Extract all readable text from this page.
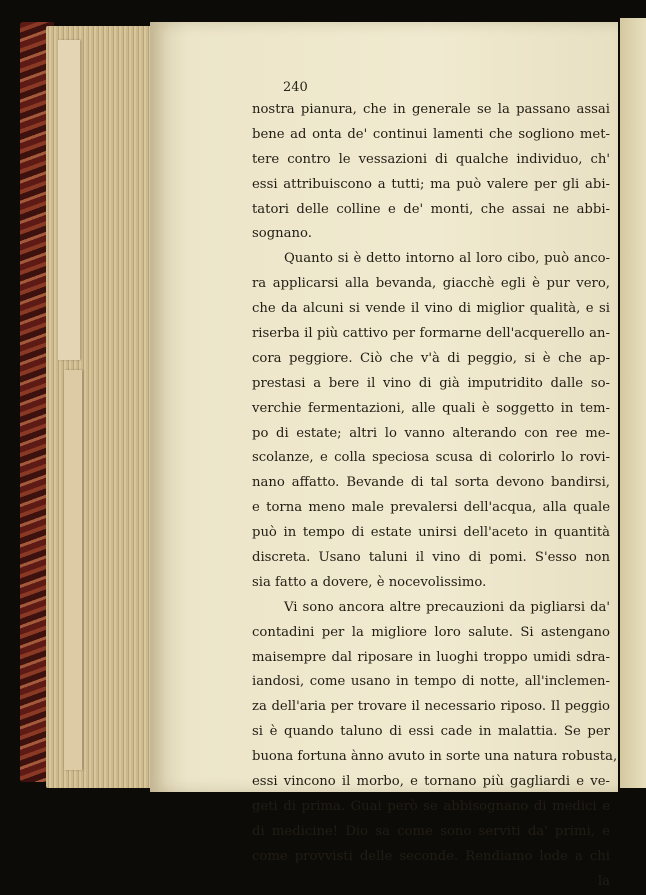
240
nostra pianura, che in generale se la passano assai
bene ad onta de' continui lamenti che sogliono met-
tere contro le vessazioni di qualche individuo, ch'
essi attribuiscono a tutti; ma può valere per gli abi-
tatori delle colline e de' monti, che assai ne abbi-
sognano.
Quanto si è detto intorno al loro cibo, può anco-
ra applicarsi alla bevanda, giacchè egli è pur vero,
che da alcuni si vende il vino di miglior qualità, e si
riserba il più cattivo per formarne dell'acquerello an-
cora peggiore. Ciò che v'à di peggio, si è che ap-
prestasi a bere il vino di già imputridito dalle so-
verchie fermentazioni, alle quali è soggetto in tem-
po di estate; altri lo vanno alterando con ree me-
scolanze, e colla speciosa scusa di colorirlo lo rovi-
nano affatto. Bevande di tal sorta devono bandirsi,
e torna meno male prevalersi dell'acqua, alla quale
può in tempo di estate unirsi dell'aceto in quantità
discreta. Usano taluni il vino di pomi. S'esso non
sia fatto a dovere, è nocevolissimo.
Vi sono ancora altre precauzioni da pigliarsi da'
contadini per la migliore loro salute. Si astengano
maisempre dal riposare in luoghi troppo umidi sdra-
iandosi, come usano in tempo di notte, all'inclemen-
za dell'aria per trovare il necessario riposo. Il peggio
si è quando taluno di essi cade in malattia. Se per
buona fortuna ànno avuto in sorte una natura robusta,
essi vincono il morbo, e tornano più gagliardi e ve-
geti di prima. Guai però se abbisognano di medici e
di medicine! Dio sa come sono serviti da' primi, e
come provvisti delle seconde. Rendiamo lode a chi
la
